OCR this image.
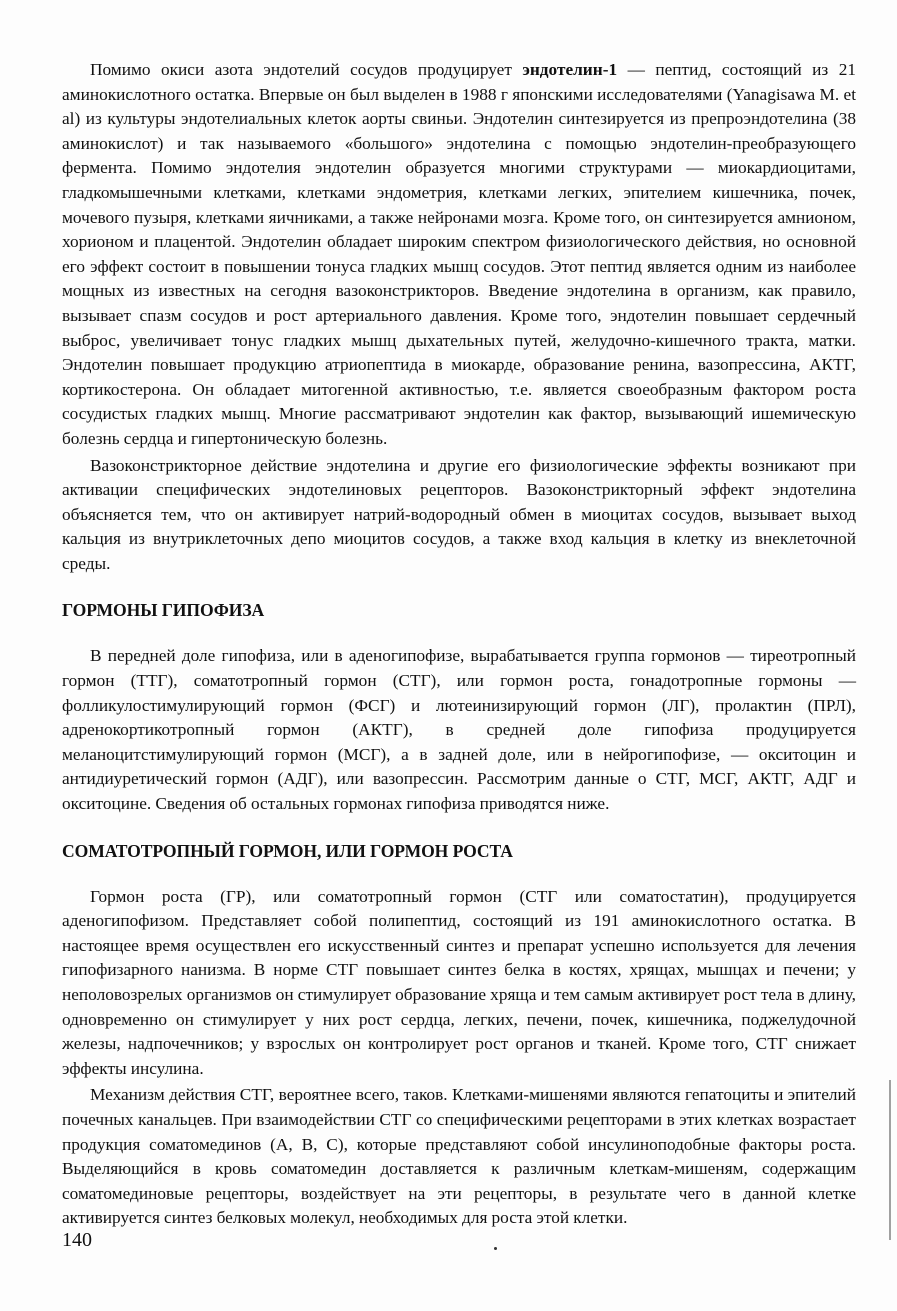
Помимо окиси азота эндотелий сосудов продуцирует эндотелин-1 — пептид, состоящий из 21 аминокислотного остатка. Впервые он был выделен в 1988 г японскими исследователями (Yanagisawa M. et al) из культуры эндотелиальных клеток аорты свиньи. Эндотелин синтезируется из препроэндотелина (38 аминокислот) и так называемого «большого» эндотелина с помощью эндотелин-преобразующего фермента. Помимо эндотелия эндотелин образуется многими структурами — миокардиоцитами, гладкомышечными клетками, клетками эндометрия, клетками легких, эпителием кишечника, почек, мочевого пузыря, клетками яичниками, а также нейронами мозга. Кроме того, он синтезируется амнионом, хорионом и плацентой. Эндотелин обладает широким спектром физиологического действия, но основной его эффект состоит в повышении тонуса гладких мышц сосудов. Этот пептид является одним из наиболее мощных из известных на сегодня вазоконстрикторов. Введение эндотелина в организм, как правило, вызывает спазм сосудов и рост артериального давления. Кроме того, эндотелин повышает сердечный выброс, увеличивает тонус гладких мышц дыхательных путей, желудочно-кишечного тракта, матки. Эндотелин повышает продукцию атриопептида в миокарде, образование ренина, вазопрессина, АКТГ, кортикостерона. Он обладает митогенной активностью, т.е. является своеобразным фактором роста сосудистых гладких мышц. Многие рассматривают эндотелин как фактор, вызывающий ишемическую болезнь сердца и гипертоническую болезнь.

Вазоконстрикторное действие эндотелина и другие его физиологические эффекты возникают при активации специфических эндотелиновых рецепторов. Вазоконстрикторный эффект эндотелина объясняется тем, что он активирует натрий-водородный обмен в миоцитах сосудов, вызывает выход кальция из внутриклеточных депо миоцитов сосудов, а также вход кальция в клетку из внеклеточной среды.

ГОРМОНЫ ГИПОФИЗА

В передней доле гипофиза, или в аденогипофизе, вырабатывается группа гормонов — тиреотропный гормон (ТТГ), соматотропный гормон (СТГ), или гормон роста, гонадотропные гормоны — фолликулостимулирующий гормон (ФСГ) и лютеинизирующий гормон (ЛГ), пролактин (ПРЛ), адренокортикотропный гормон (АКТГ), в средней доле гипофиза продуцируется меланоцитстимулирующий гормон (МСГ), а в задней доле, или в нейрогипофизе, — окситоцин и антидиуретический гормон (АДГ), или вазопрессин. Рассмотрим данные о СТГ, МСГ, АКТГ, АДГ и окситоцине. Сведения об остальных гормонах гипофиза приводятся ниже.

СОМАТОТРОПНЫЙ ГОРМОН, ИЛИ ГОРМОН РОСТА

Гормон роста (ГР), или соматотропный гормон (СТГ или соматостатин), продуцируется аденогипофизом. Представляет собой полипептид, состоящий из 191 аминокислотного остатка. В настоящее время осуществлен его искусственный синтез и препарат успешно используется для лечения гипофизарного нанизма. В норме СТГ повышает синтез белка в костях, хрящах, мышцах и печени; у неполовозрелых организмов он стимулирует образование хряща и тем самым активирует рост тела в длину, одновременно он стимулирует у них рост сердца, легких, печени, почек, кишечника, поджелудочной железы, надпочечников; у взрослых он контролирует рост органов и тканей. Кроме того, СТГ снижает эффекты инсулина.

Механизм действия СТГ, вероятнее всего, таков. Клетками-мишенями являются гепатоциты и эпителий почечных канальцев. При взаимодействии СТГ со специфическими рецепторами в этих клетках возрастает продукция соматомединов (А, В, С), которые представляют собой инсулиноподобные факторы роста. Выделяющийся в кровь соматомедин доставляется к различным клеткам-мишеням, содержащим соматомединовые рецепторы, воздействует на эти рецепторы, в результате чего в данной клетке активируется синтез белковых молекул, необходимых для роста этой клетки.

140
